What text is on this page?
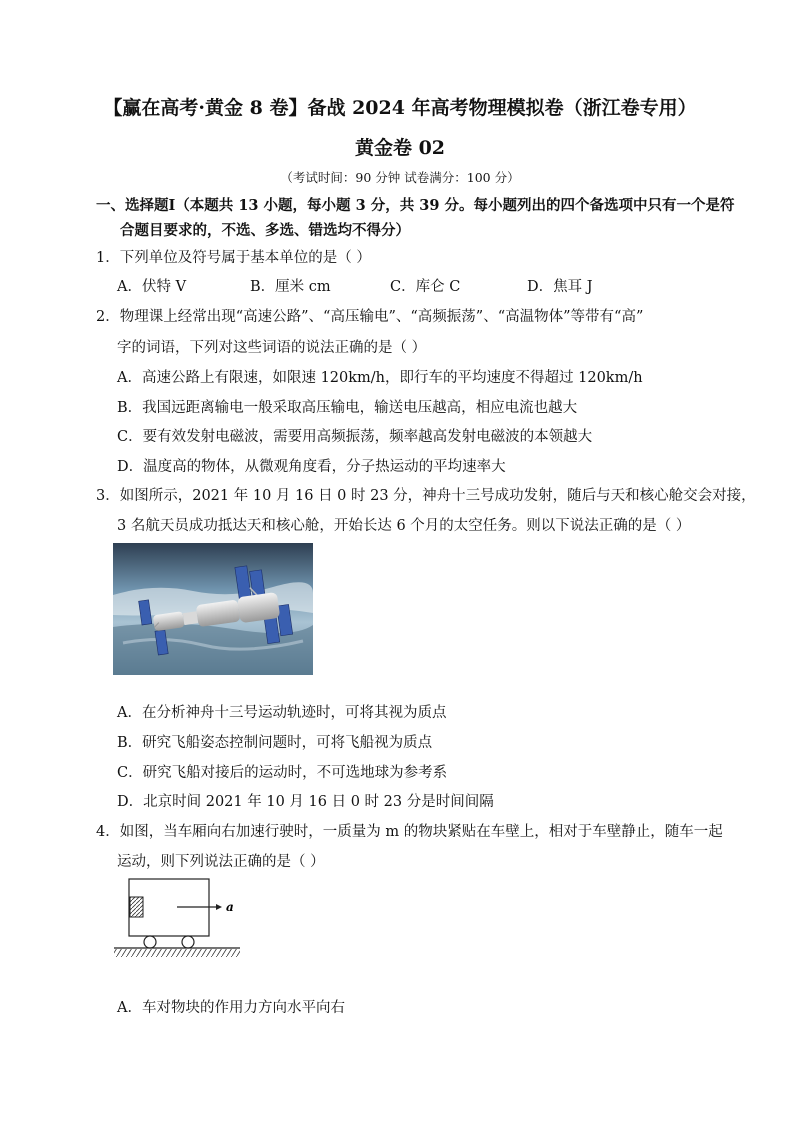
【赢在高考·黄金 8 卷】备战 2024 年高考物理模拟卷（浙江卷专用）
黄金卷 02
（考试时间：90 分钟 试卷满分：100 分）
一、选择题Ⅰ（本题共 13 小题，每小题 3 分，共 39 分。每小题列出的四个备选项中只有一个是符
合题目要求的，不选、多选、错选均不得分）
1．下列单位及符号属于基本单位的是（ ）
A．伏特 V	B．厘米 cm	C．库仑 C	D．焦耳 J
2．物理课上经常出现“高速公路”、“高压输电”、“高频振荡”、“高温物体”等带有“高”
字的词语，下列对这些词语的说法正确的是（ ）
A．高速公路上有限速，如限速 120km/h，即行车的平均速度不得超过 120km/h
B．我国远距离输电一般采取高压输电，输送电压越高，相应电流也越大
C．要有效发射电磁波，需要用高频振荡，频率越高发射电磁波的本领越大
D．温度高的物体，从微观角度看，分子热运动的平均速率大
3．如图所示，2021 年 10 月 16 日 0 时 23 分，神舟十三号成功发射，随后与天和核心舱交会对接，
3 名航天员成功抵达天和核心舱，开始长达 6 个月的太空任务。则以下说法正确的是（ ）
A．在分析神舟十三号运动轨迹时，可将其视为质点
B．研究飞船姿态控制问题时，可将飞船视为质点
C．研究飞船对接后的运动时，不可选地球为参考系
D．北京时间 2021 年 10 月 16 日 0 时 23 分是时间间隔
4．如图，当车厢向右加速行驶时，一质量为 m 的物块紧贴在车壁上，相对于车壁静止，随车一起
运动，则下列说法正确的是（ ）
a
A．车对物块的作用力方向水平向右
